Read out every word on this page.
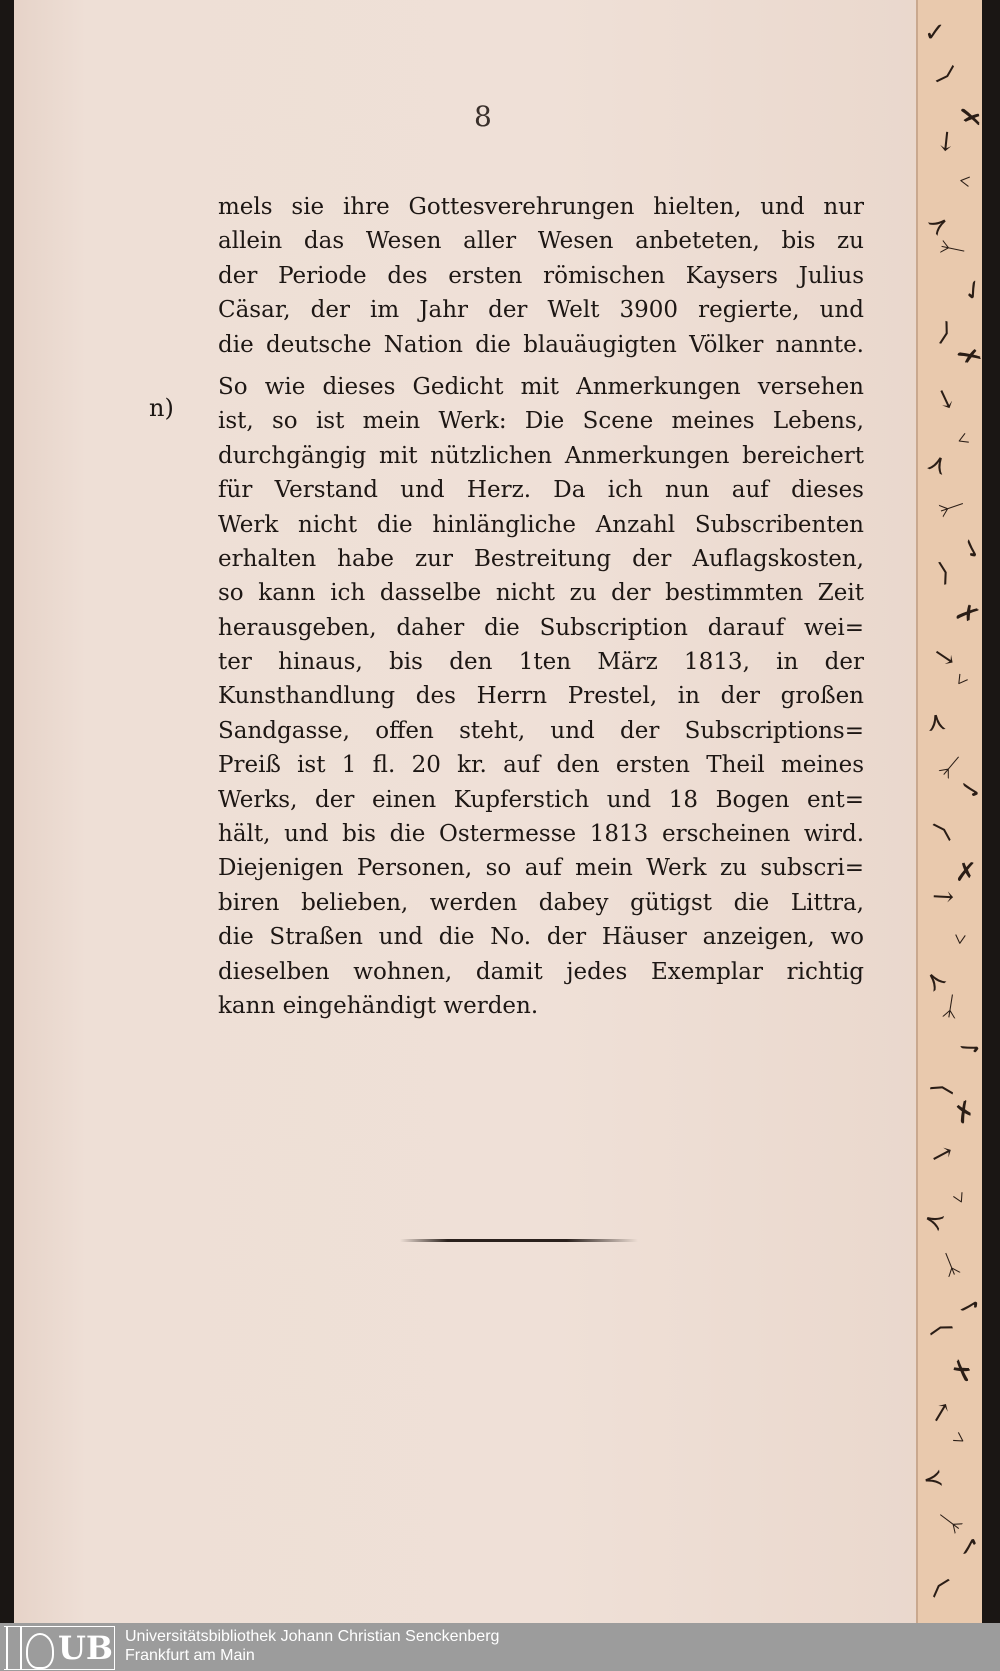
✓
⟩
✗
↗
﹥
⋎
ᛉ
✓
⟩
✗
↗
﹥
⋎
ᛉ
✓
⟩
✗
↗
﹥
⋎
ᛉ
✓
⟩
✗
↗
﹥
⋎
ᛉ
✓
⟩
✗
↗
﹥
⋎
ᛉ
✓
⟩
✗
↗
﹥
⋎
ᛉ
✓
⟩
8
mels sie ihre Gottesverehrungen hielten, und nur
allein das Wesen aller Wesen anbeteten, bis zu
der Periode des ersten römischen Kaysers Julius
Cäsar, der im Jahr der Welt 3900 regierte, und
die deutsche Nation die blauäugigten Völker nannte.
So wie dieses Gedicht mit Anmerkungen versehen
ist, so ist mein Werk: Die Scene meines Lebens,
durchgängig mit nützlichen Anmerkungen bereichert
für Verstand und Herz. Da ich nun auf dieses
Werk nicht die hinlängliche Anzahl Subscribenten
erhalten habe zur Bestreitung der Auflagskosten,
so kann ich dasselbe nicht zu der bestimmten Zeit
herausgeben, daher die Subscription darauf wei=
ter hinaus, bis den 1ten März 1813, in der
Kunsthandlung des Herrn Prestel, in der großen
Sandgasse, offen steht, und der Subscriptions=
Preiß ist 1 fl. 20 kr. auf den ersten Theil meines
Werks, der einen Kupferstich und 18 Bogen ent=
hält, und bis die Ostermesse 1813 erscheinen wird.
Diejenigen Personen, so auf mein Werk zu subscri=
biren belieben, werden dabey gütigst die Littra,
die Straßen und die No. der Häuser anzeigen, wo
dieselben wohnen, damit jedes Exemplar richtig
kann eingehändigt werden.
n)
UB Universitätsbibliothek Johann Christian Senckenberg
Frankfurt am Main
